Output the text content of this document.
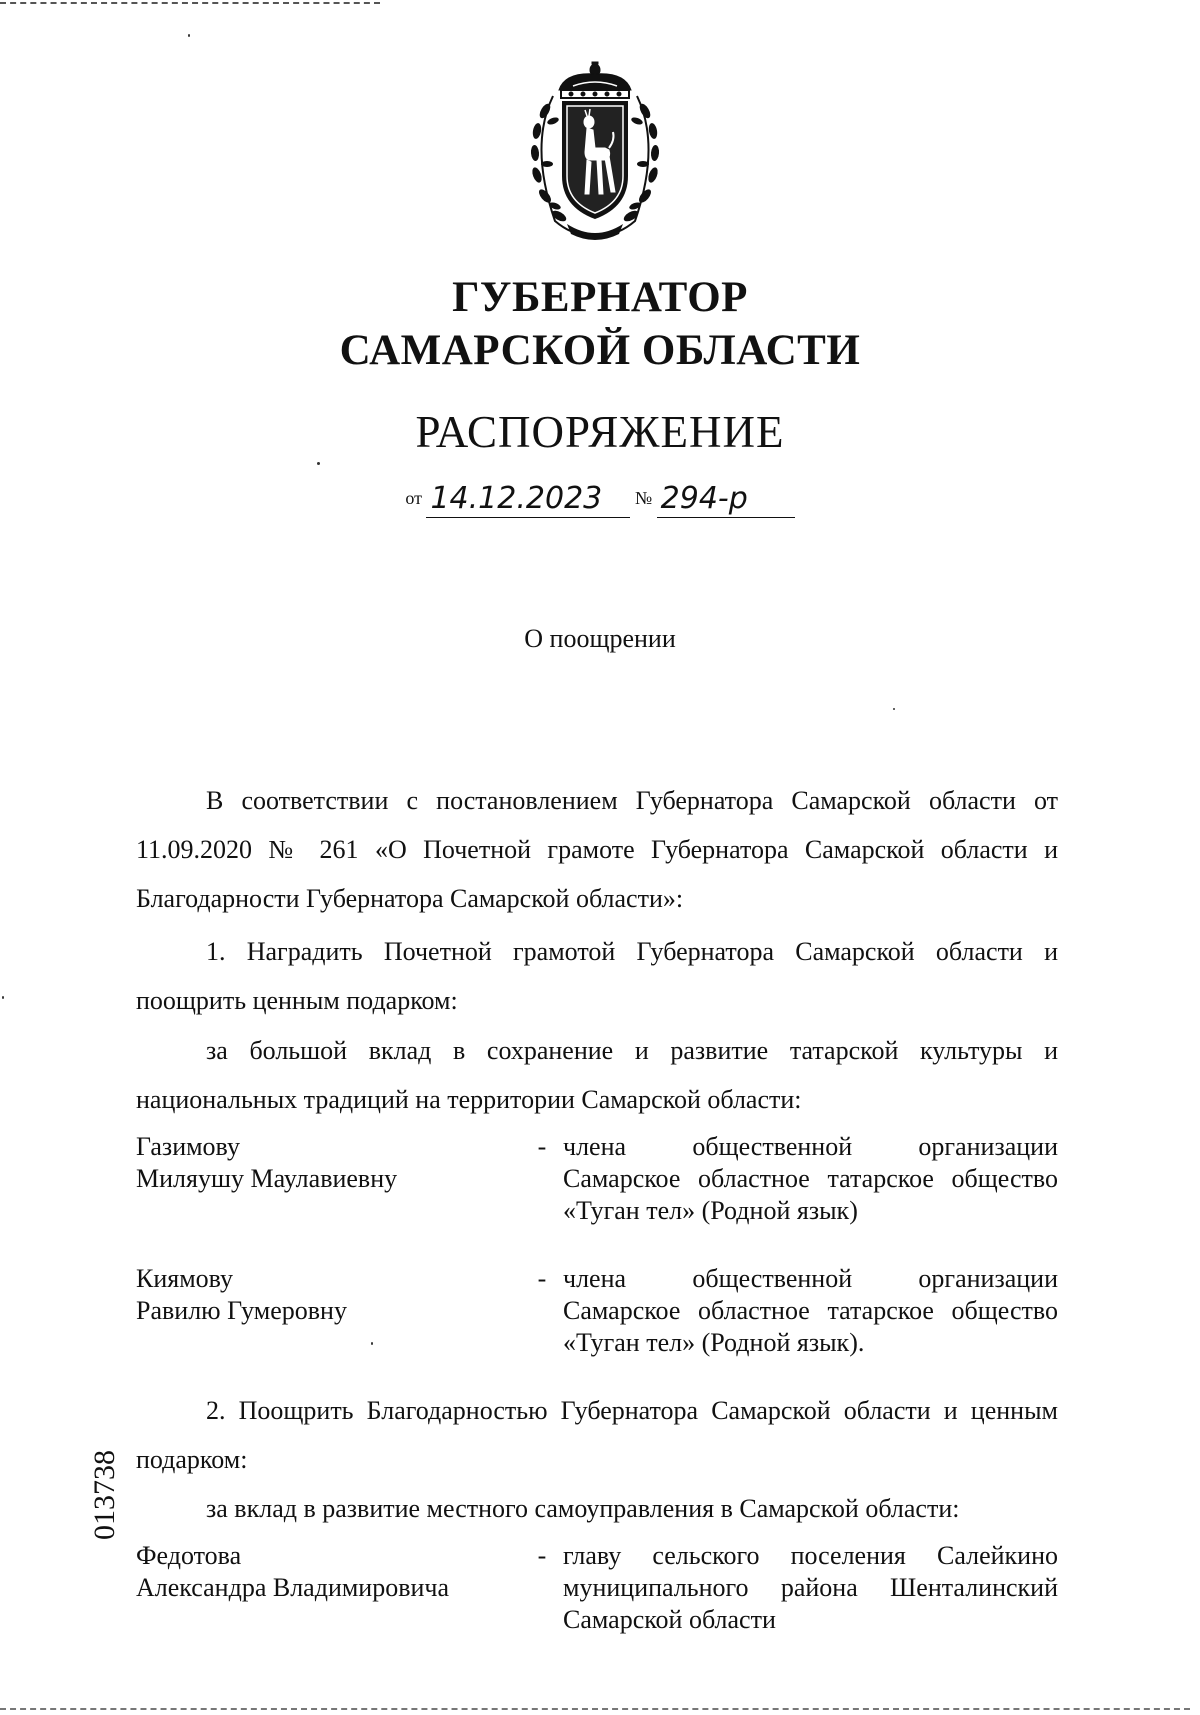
ГУБЕРНАТОР
САМАРСКОЙ ОБЛАСТИ
РАСПОРЯЖЕНИЕ
от 14.12.2023 № 294-р
О поощрении
В соответствии с постановлением Губернатора Самарской области от 11.09.2020 № 261 «О Почетной грамоте Губернатора Самарской области и Благодарности Губернатора Самарской области»:
1. Наградить Почетной грамотой Губернатора Самарской области и поощрить ценным подарком:
за большой вклад в сохранение и развитие татарской культуры и национальных традиций на территории Самарской области:
Газимову
Миляушу Маулавиевну
- члена общественной организации Самарское областное татарское общество «Туган тел» (Родной язык)
Киямову
Равилю Гумеровну
- члена общественной организации Самарское областное татарское общество «Туган тел» (Родной язык).
2. Поощрить Благодарностью Губернатора Самарской области и ценным подарком:
за вклад в развитие местного самоуправления в Самарской области:
Федотова
Александра Владимировича
- главу сельского поселения Салейкино муниципального района Шенталинский Самарской области
013738
